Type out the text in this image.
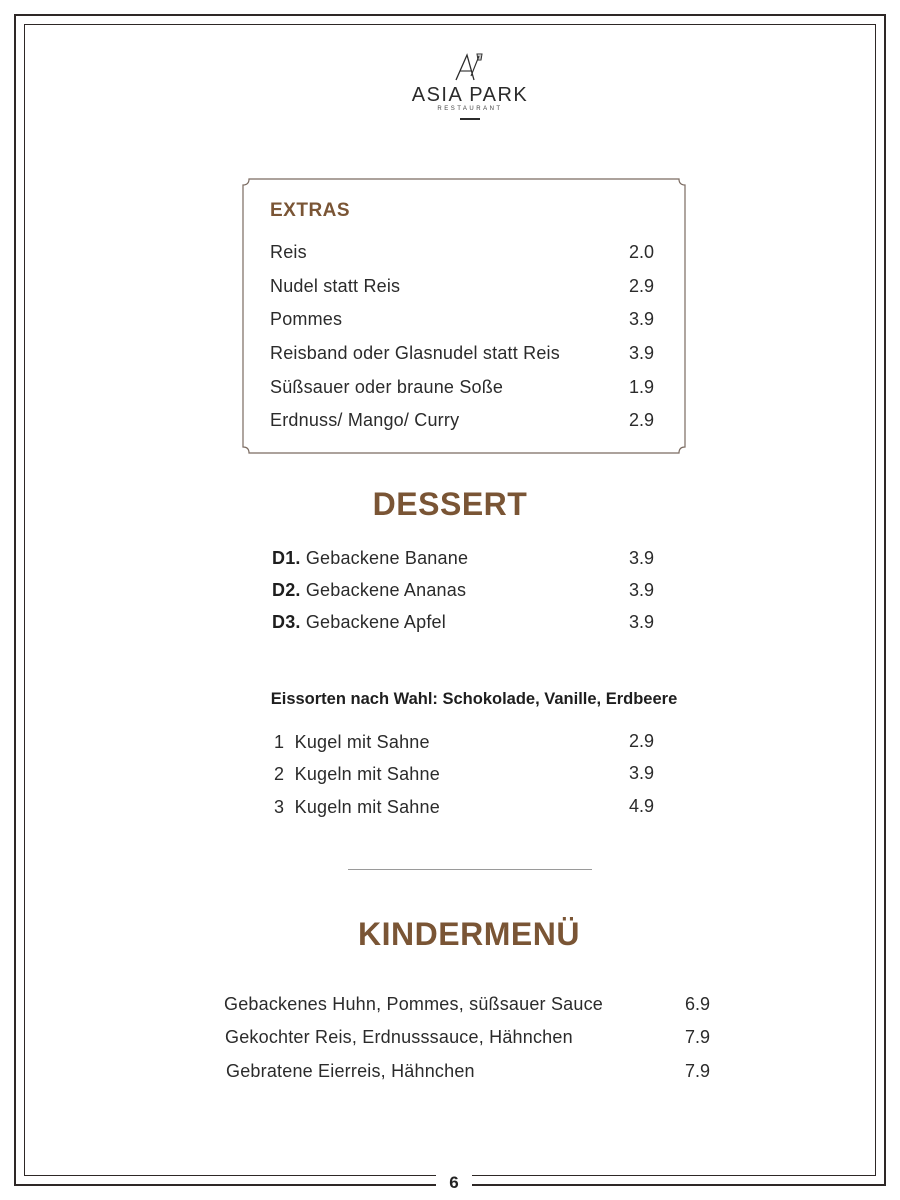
ASIA PARK
RESTAURANT
EXTRAS
Reis	2.0
Nudel statt Reis	2.9
Pommes	3.9
Reisband oder Glasnudel statt Reis	3.9
Süßsauer oder braune Soße	1.9
Erdnuss/ Mango/ Curry	2.9
DESSERT
D1. Gebackene Banane	3.9
D2. Gebackene Ananas	3.9
D3. Gebackene Apfel	3.9
Eissorten nach Wahl: Schokolade, Vanille, Erdbeere
1 Kugel mit Sahne	2.9
2 Kugeln mit Sahne	3.9
3 Kugeln mit Sahne	4.9
KINDERMENÜ
Gebackenes Huhn, Pommes, süßsauer Sauce	6.9
Gekochter Reis, Erdnusssauce, Hähnchen	7.9
Gebratene Eierreis, Hähnchen	7.9
6
